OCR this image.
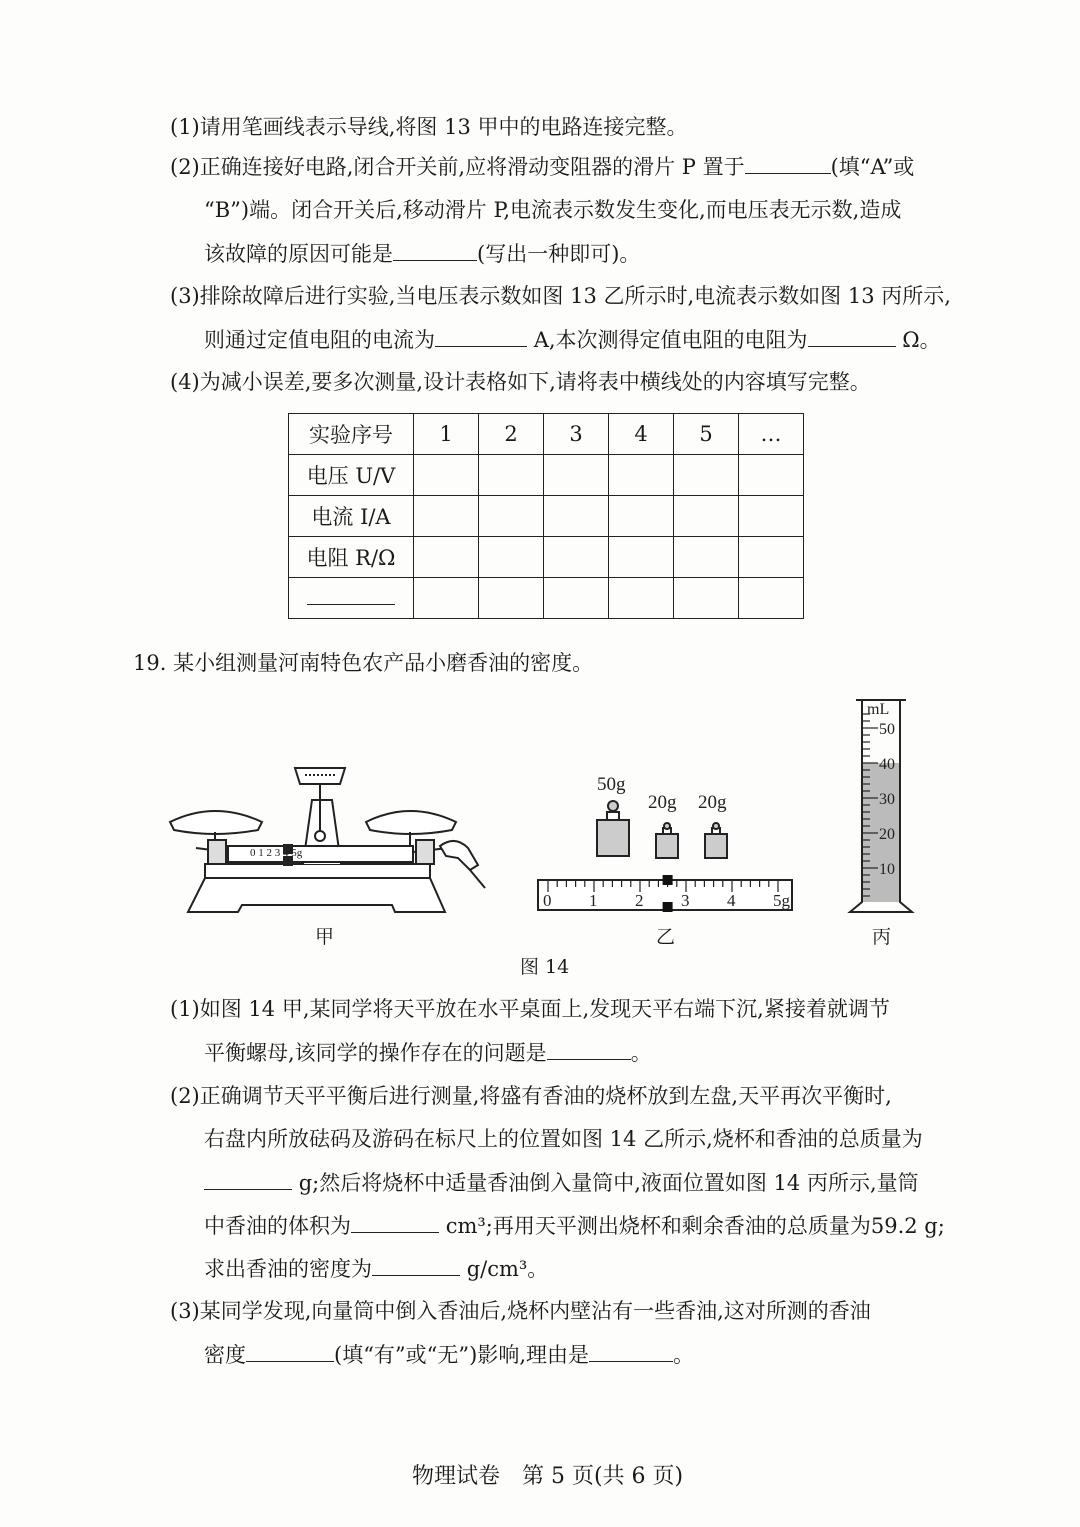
(1)请用笔画线表示导线,将图 13 甲中的电路连接完整。
(2)正确连接好电路,闭合开关前,应将滑动变阻器的滑片 P 置于	(填“A”或
“B”)端。闭合开关后,移动滑片 P,电流表示数发生变化,而电压表无示数,造成
该故障的原因可能是	(写出一种即可)。
(3)排除故障后进行实验,当电压表示数如图 13 乙所示时,电流表示数如图 13 丙所示,
则通过定值电阻的电流为	A,本次测得定值电阻的电阻为	Ω。
(4)为减小误差,要多次测量,设计表格如下,请将表中横线处的内容填写完整。
实验序号	1	2	3	4	5	…
电压 U/V						
电流 I/A						
电阻 R/Ω						

19. 某小组测量河南特色农产品小磨香油的密度。
0 1 2 3 4 5g
50g
20g 20g
mL
0 1 2 3 4 5g
50
40
30
20
10
甲	乙	丙
图 14
(1)如图 14 甲,某同学将天平放在水平桌面上,发现天平右端下沉,紧接着就调节
平衡螺母,该同学的操作存在的问题是	。
(2)正确调节天平平衡后进行测量,将盛有香油的烧杯放到左盘,天平再次平衡时,
右盘内所放砝码及游码在标尺上的位置如图 14 乙所示,烧杯和香油的总质量为
g;然后将烧杯中适量香油倒入量筒中,液面位置如图 14 丙所示,量筒
中香油的体积为	cm³;再用天平测出烧杯和剩余香油的总质量为59.2 g;
求出香油的密度为	g/cm³。
(3)某同学发现,向量筒中倒入香油后,烧杯内壁沾有一些香油,这对所测的香油
密度	(填“有”或“无”)影响,理由是	。
物理试卷　第 5 页(共 6 页)
